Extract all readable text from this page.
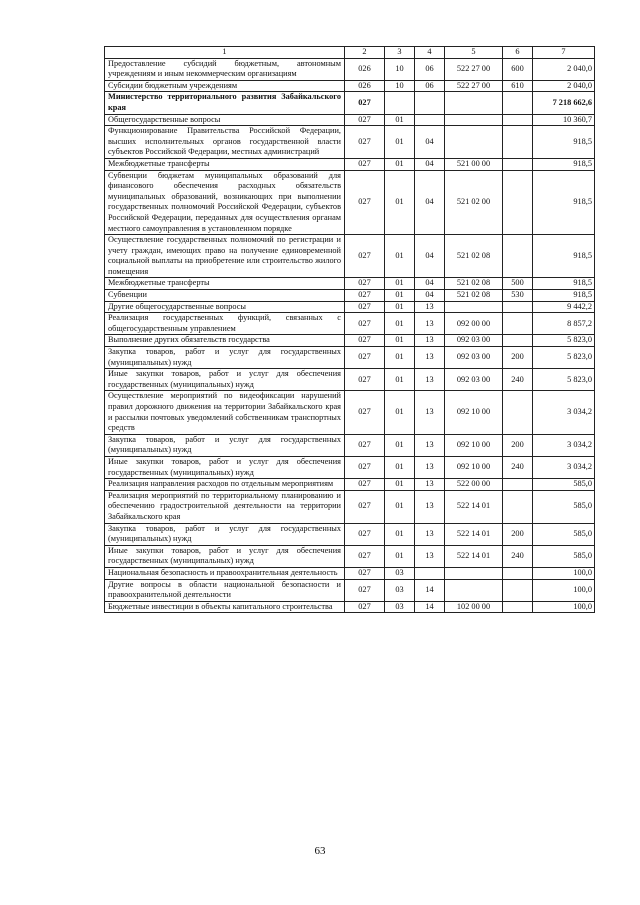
1	2	3	4	5	6	7
Предоставление субсидий бюджетным, автономным учреждениям и иным некоммерческим организациям	026	10	06	522 27 00	600	2 040,0
Субсидии бюджетным учреждениям	026	10	06	522 27 00	610	2 040,0
Министерство территориального развития Забайкальского края	027					7 218 662,6
Общегосударственные вопросы	027	01				10 360,7
Функционирование Правительства Российской Федерации, высших исполнительных органов государственной власти субъектов Российской Федерации, местных администраций	027	01	04			918,5
Межбюджетные трансферты	027	01	04	521 00 00		918,5
Субвенции бюджетам муниципальных образований для финансового обеспечения расходных обязательств муниципальных образований, возникающих при выполнении государственных полномочий Российской Федерации, субъектов Российской Федерации, переданных для осуществления органам местного самоуправления в установленном порядке	027	01	04	521 02 00		918,5
Осуществление государственных полномочий по регистрации и учету граждан, имеющих право на получение единовременной социальной выплаты на приобретение или строительство жилого помещения	027	01	04	521 02 08		918,5
Межбюджетные трансферты	027	01	04	521 02 08	500	918,5
Субвенции	027	01	04	521 02 08	530	918,5
Другие общегосударственные вопросы	027	01	13			9 442,2
Реализация государственных функций, связанных с общегосударственным управлением	027	01	13	092 00 00		8 857,2
Выполнение других обязательств государства	027	01	13	092 03 00		5 823,0
Закупка товаров, работ и услуг для государственных (муниципальных) нужд	027	01	13	092 03 00	200	5 823,0
Иные закупки товаров, работ и услуг для обеспечения государственных (муниципальных) нужд	027	01	13	092 03 00	240	5 823,0
Осуществление мероприятий по видеофиксации нарушений правил дорожного движения на территории Забайкальского края и рассылки почтовых уведомлений собственникам транспортных средств	027	01	13	092 10 00		3 034,2
Закупка товаров, работ и услуг для государственных (муниципальных) нужд	027	01	13	092 10 00	200	3 034,2
Иные закупки товаров, работ и услуг для обеспечения государственных (муниципальных) нужд	027	01	13	092 10 00	240	3 034,2
Реализация направления расходов по отдельным мероприятиям	027	01	13	522 00 00		585,0
Реализация мероприятий по территориальному планированию и обеспечению градостроительной деятельности на территории Забайкальского края	027	01	13	522 14 01		585,0
Закупка товаров, работ и услуг для государственных (муниципальных) нужд	027	01	13	522 14 01	200	585,0
Иные закупки товаров, работ и услуг для обеспечения государственных (муниципальных) нужд	027	01	13	522 14 01	240	585,0
Национальная безопасность и правоохранительная деятельность	027	03				100,0
Другие вопросы в области национальной безопасности и правоохранительной деятельности	027	03	14			100,0
Бюджетные инвестиции в объекты капитального строительства	027	03	14	102 00 00		100,0
63
